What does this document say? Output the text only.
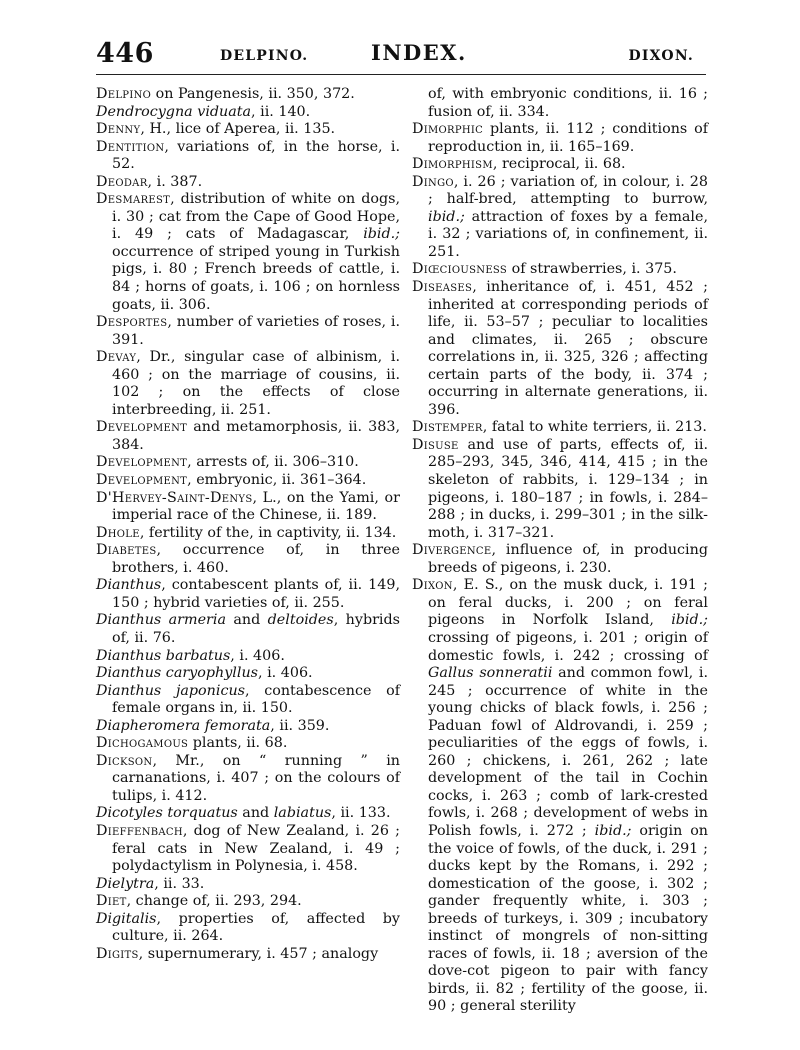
446	DELPINO.	INDEX.	DIXON.

Delpino on Pangenesis, ii. 350, 372.

Dendrocygna viduata, ii. 140.

Denny, H., lice of Aperea, ii. 135.

Dentition, variations of, in the horse, i. 52.

Deodar, i. 387.

Desmarest, distribution of white on dogs, i. 30 ; cat from the Cape of Good Hope, i. 49 ; cats of Madagascar, ibid.; occurrence of striped young in Turkish pigs, i. 80 ; French breeds of cattle, i. 84 ; horns of goats, i. 106 ; on hornless goats, ii. 306.

Desportes, number of varieties of roses, i. 391.

Devay, Dr., singular case of albinism, i. 460 ; on the marriage of cousins, ii. 102 ; on the effects of close interbreeding, ii. 251.

Development and metamorphosis, ii. 383, 384.

Development, arrests of, ii. 306–310.

Development, embryonic, ii. 361–364.

D'Hervey-Saint-Denys, L., on the Yami, or imperial race of the Chinese, ii. 189.

Dhole, fertility of the, in captivity, ii. 134.

Diabetes, occurrence of, in three brothers, i. 460.

Dianthus, contabescent plants of, ii. 149, 150 ; hybrid varieties of, ii. 255.

Dianthus armeria and deltoides, hybrids of, ii. 76.

Dianthus barbatus, i. 406.

Dianthus caryophyllus, i. 406.

Dianthus japonicus, contabescence of female organs in, ii. 150.

Diapheromera femorata, ii. 359.

Dichogamous plants, ii. 68.

Dickson, Mr., on “ running ” in carnanations, i. 407 ; on the colours of tulips, i. 412.

Dicotyles torquatus and labiatus, ii. 133.

Dieffenbach, dog of New Zealand, i. 26 ; feral cats in New Zealand, i. 49 ; polydactylism in Polynesia, i. 458.

Dielytra, ii. 33.

Diet, change of, ii. 293, 294.

Digitalis, properties of, affected by culture, ii. 264.

Digits, supernumerary, i. 457 ; analogy

of, with embryonic conditions, ii. 16 ; fusion of, ii. 334.

Dimorphic plants, ii. 112 ; conditions of reproduction in, ii. 165–169.

Dimorphism, reciprocal, ii. 68.

Dingo, i. 26 ; variation of, in colour, i. 28 ; half-bred, attempting to burrow, ibid.; attraction of foxes by a female, i. 32 ; variations of, in confinement, ii. 251.

Diœciousness of strawberries, i. 375.

Diseases, inheritance of, i. 451, 452 ; inherited at corresponding periods of life, ii. 53–57 ; peculiar to localities and climates, ii. 265 ; obscure correlations in, ii. 325, 326 ; affecting certain parts of the body, ii. 374 ; occurring in alternate generations, ii. 396.

Distemper, fatal to white terriers, ii. 213.

Disuse and use of parts, effects of, ii. 285–293, 345, 346, 414, 415 ; in the skeleton of rabbits, i. 129–134 ; in pigeons, i. 180–187 ; in fowls, i. 284–288 ; in ducks, i. 299–301 ; in the silk-moth, i. 317–321.

Divergence, influence of, in producing breeds of pigeons, i. 230.

Dixon, E. S., on the musk duck, i. 191 ; on feral ducks, i. 200 ; on feral pigeons in Norfolk Island, ibid.; crossing of pigeons, i. 201 ; origin of domestic fowls, i. 242 ; crossing of Gallus sonneratii and common fowl, i. 245 ; occurrence of white in the young chicks of black fowls, i. 256 ; Paduan fowl of Aldrovandi, i. 259 ; peculiarities of the eggs of fowls, i. 260 ; chickens, i. 261, 262 ; late development of the tail in Cochin cocks, i. 263 ; comb of lark-crested fowls, i. 268 ; development of webs in Polish fowls, i. 272 ; ibid.; origin on the voice of fowls, of the duck, i. 291 ; ducks kept by the Romans, i. 292 ; domestication of the goose, i. 302 ; gander frequently white, i. 303 ; breeds of turkeys, i. 309 ; incubatory instinct of mongrels of non-sitting races of fowls, ii. 18 ; aversion of the dove-cot pigeon to pair with fancy birds, ii. 82 ; fertility of the goose, ii. 90 ; general sterility
